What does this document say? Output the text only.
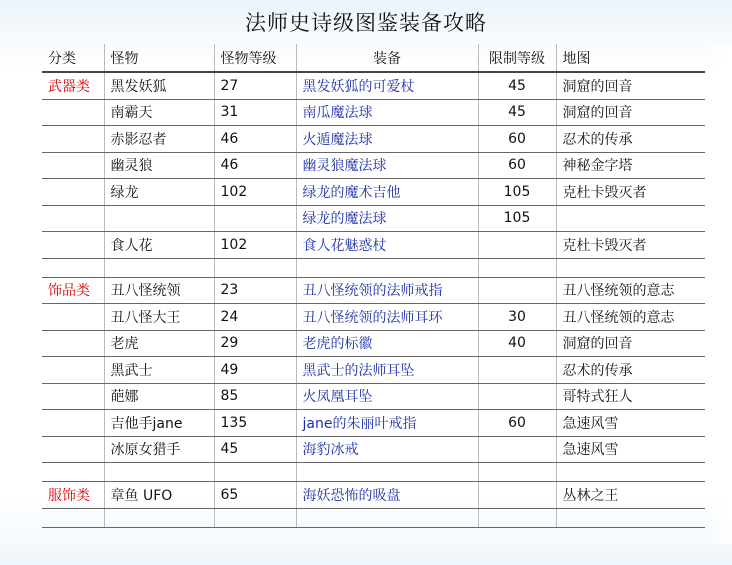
法师史诗级图鉴装备攻略
分类	怪物	怪物等级	装备	限制等级	地图
武器类	黑发妖狐	27	黑发妖狐的可爱杖	45	洞窟的回音
	南霸天	31	南瓜魔法球	45	洞窟的回音
	赤影忍者	46	火遁魔法球	60	忍术的传承
	幽灵狼	46	幽灵狼魔法球	60	神秘金字塔
	绿龙	102	绿龙的魔术吉他	105	克杜卡毁灭者
			绿龙的魔法球	105	
	食人花	102	食人花魅惑杖		克杜卡毁灭者

饰品类	丑八怪统领	23	丑八怪统领的法师戒指		丑八怪统领的意志
	丑八怪大王	24	丑八怪统领的法师耳环	30	丑八怪统领的意志
	老虎	29	老虎的标徽	40	洞窟的回音
	黑武士	49	黑武士的法师耳坠		忍术的传承
	葩娜	85	火凤凰耳坠		哥特式狂人
	吉他手jane	135	jane的朱丽叶戒指	60	急速风雪
	冰原女猎手	45	海豹冰戒		急速风雪

服饰类	章鱼 UFO	65	海妖恐怖的吸盘		丛林之王
